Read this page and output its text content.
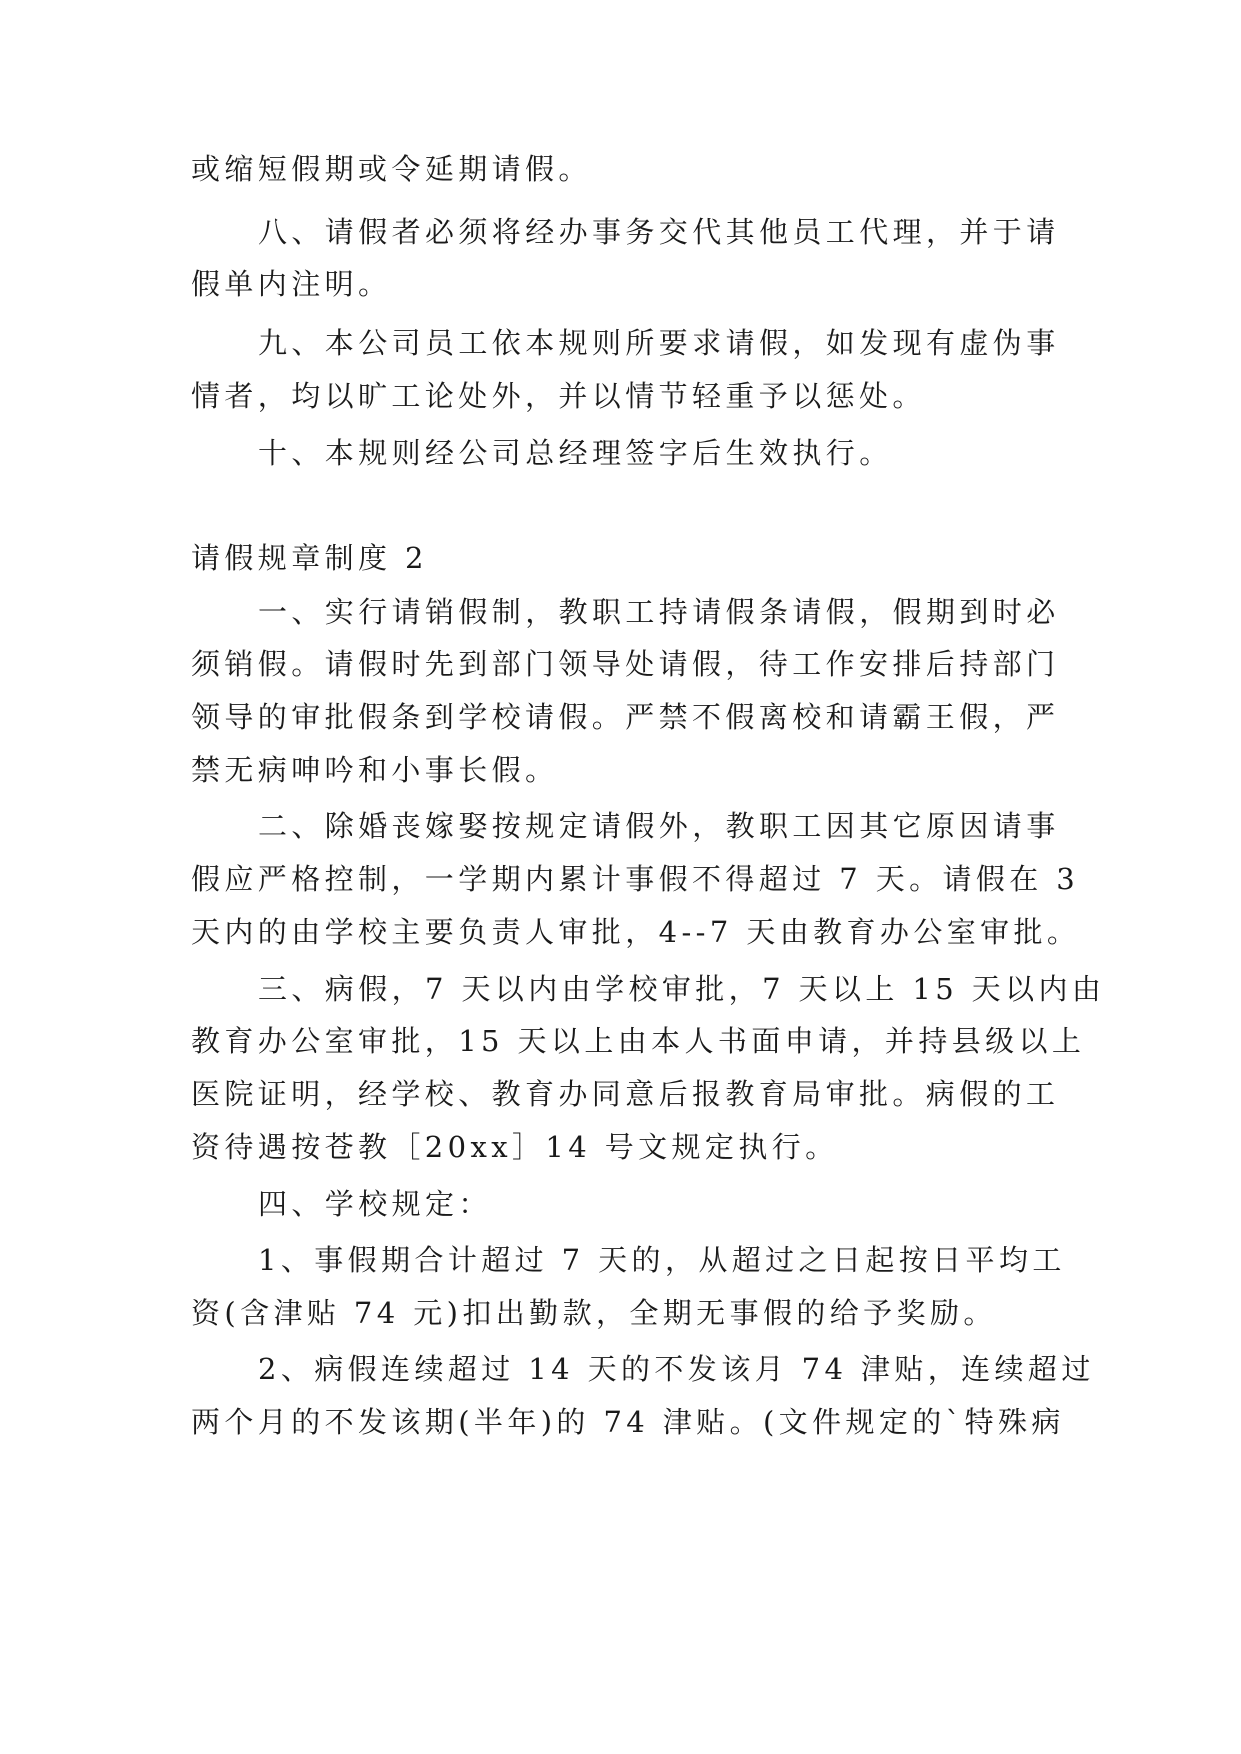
或缩短假期或令延期请假。
八、请假者必须将经办事务交代其他员工代理，并于请
假单内注明。
九、本公司员工依本规则所要求请假，如发现有虚伪事
情者，均以旷工论处外，并以情节轻重予以惩处。
十、本规则经公司总经理签字后生效执行。
请假规章制度 2
一、实行请销假制，教职工持请假条请假，假期到时必
须销假。请假时先到部门领导处请假，待工作安排后持部门
领导的审批假条到学校请假。严禁不假离校和请霸王假，严
禁无病呻吟和小事长假。
二、除婚丧嫁娶按规定请假外，教职工因其它原因请事
假应严格控制，一学期内累计事假不得超过 7 天。请假在 3
天内的由学校主要负责人审批，4--7 天由教育办公室审批。
三、病假，7 天以内由学校审批，7 天以上 15 天以内由
教育办公室审批，15 天以上由本人书面申请，并持县级以上
医院证明，经学校、教育办同意后报教育局审批。病假的工
资待遇按苍教［20xx］14 号文规定执行。
四、学校规定：
1、事假期合计超过 7 天的，从超过之日起按日平均工
资(含津贴 74 元)扣出勤款，全期无事假的给予奖励。
2、病假连续超过 14 天的不发该月 74 津贴，连续超过
两个月的不发该期(半年)的 74 津贴。(文件规定的`特殊病
